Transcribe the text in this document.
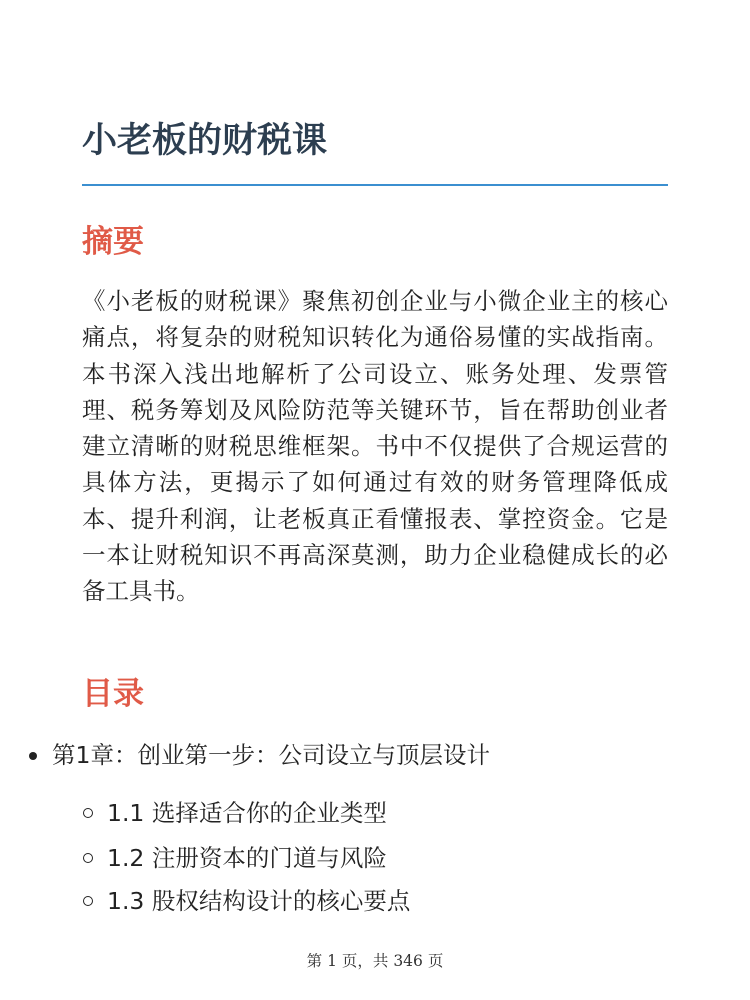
小老板的财税课
摘要

《小老板的财税课》聚焦初创企业与小微企业主的核心痛点，将复杂的财税知识转化为通俗易懂的实战指南。本书深入浅出地解析了公司设立、账务处理、发票管理、税务筹划及风险防范等关键环节，旨在帮助创业者建立清晰的财税思维框架。书中不仅提供了合规运营的具体方法，更揭示了如何通过有效的财务管理降低成本、提升利润，让老板真正看懂报表、掌控资金。它是一本让财税知识不再高深莫测，助力企业稳健成长的必备工具书。

目录
第1章：创业第一步：公司设立与顶层设计
1.1 选择适合你的企业类型
1.2 注册资本的门道与风险
1.3 股权结构设计的核心要点
第 1 页，共 346 页
